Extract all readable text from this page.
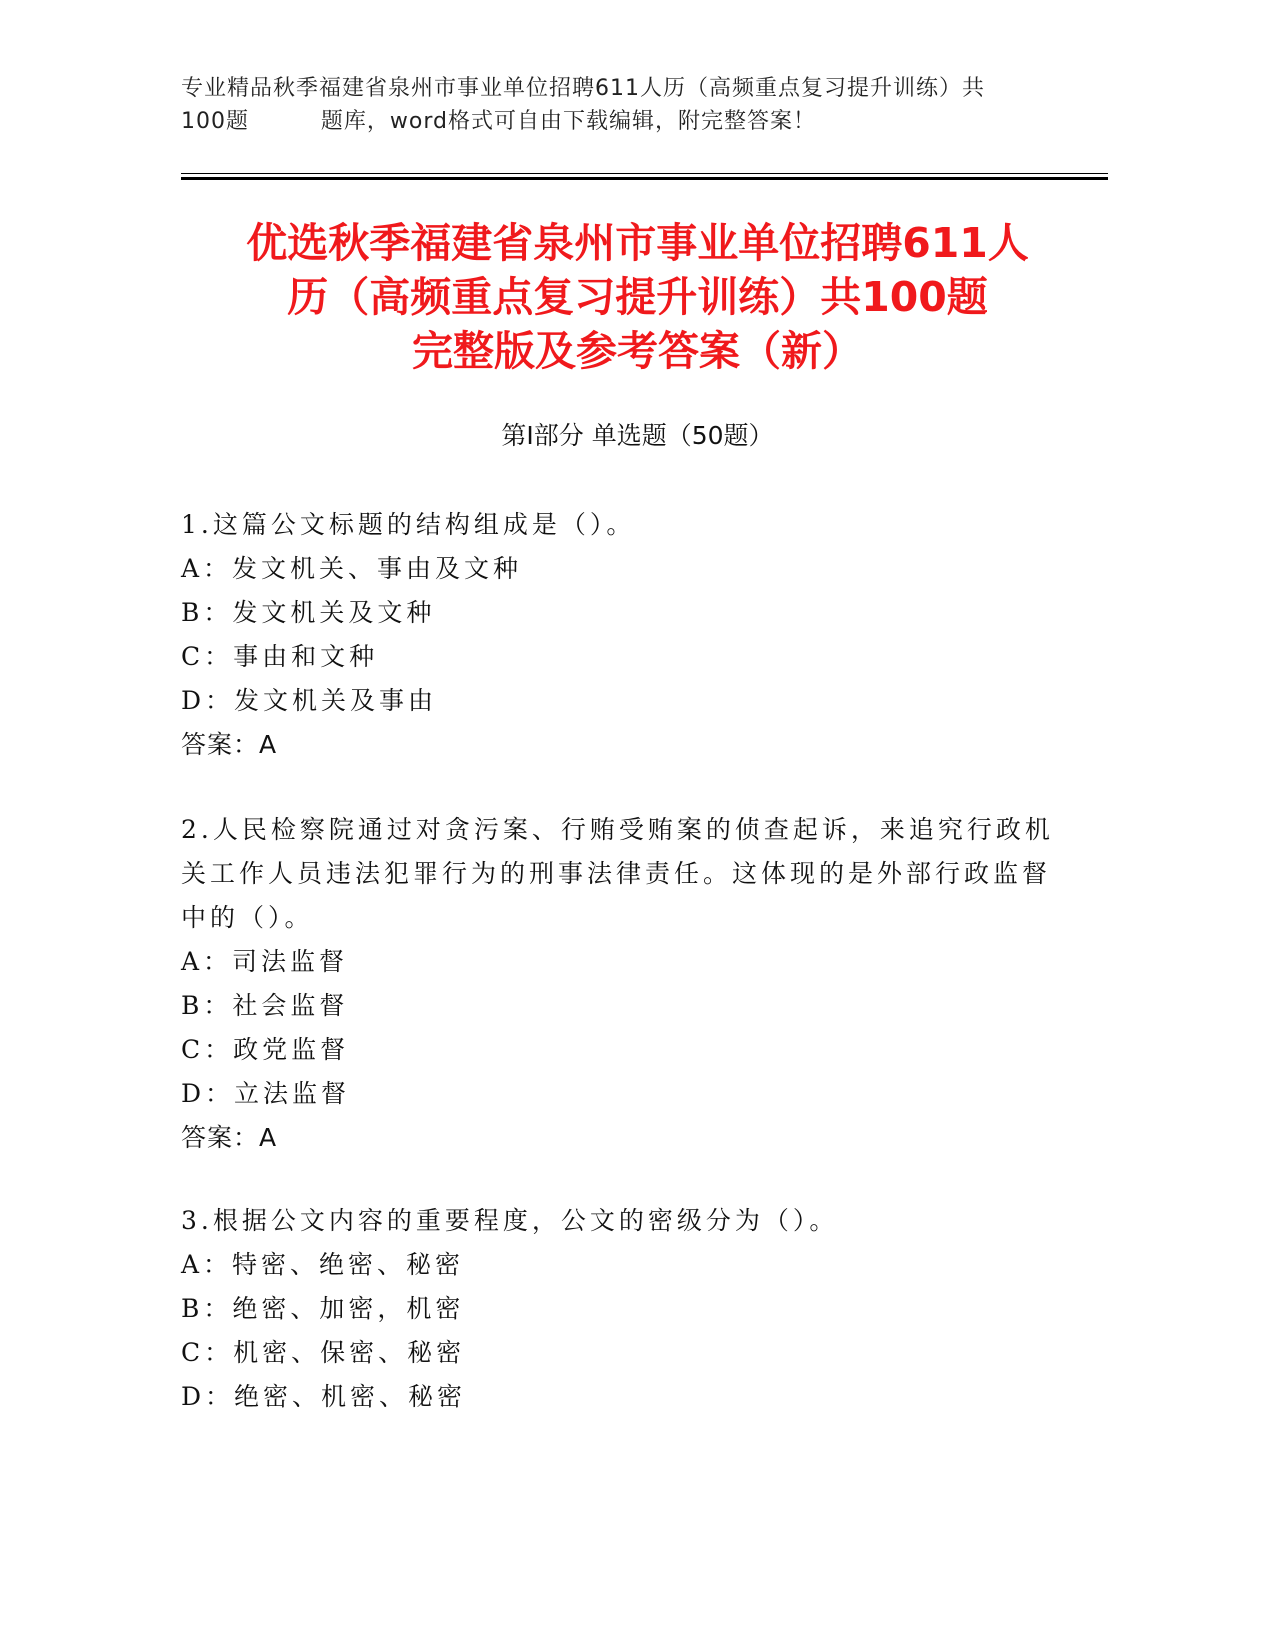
专业精品秋季福建省泉州市事业单位招聘611人历（高频重点复习提升训练）共
100题         题库，word格式可自由下载编辑，附完整答案！
优选秋季福建省泉州市事业单位招聘611人
历（高频重点复习提升训练）共100题
完整版及参考答案（新）
第Ⅰ部分 单选题（50题）
1.这篇公文标题的结构组成是（）。
A：发文机关、事由及文种
B：发文机关及文种
C：事由和文种
D：发文机关及事由
答案：A
2.人民检察院通过对贪污案、行贿受贿案的侦查起诉，来追究行政机关工作人员违法犯罪行为的刑事法律责任。这体现的是外部行政监督中的（）。
A：司法监督
B：社会监督
C：政党监督
D：立法监督
答案：A
3.根据公文内容的重要程度，公文的密级分为（）。
A：特密、绝密、秘密
B：绝密、加密，机密
C：机密、保密、秘密
D：绝密、机密、秘密
